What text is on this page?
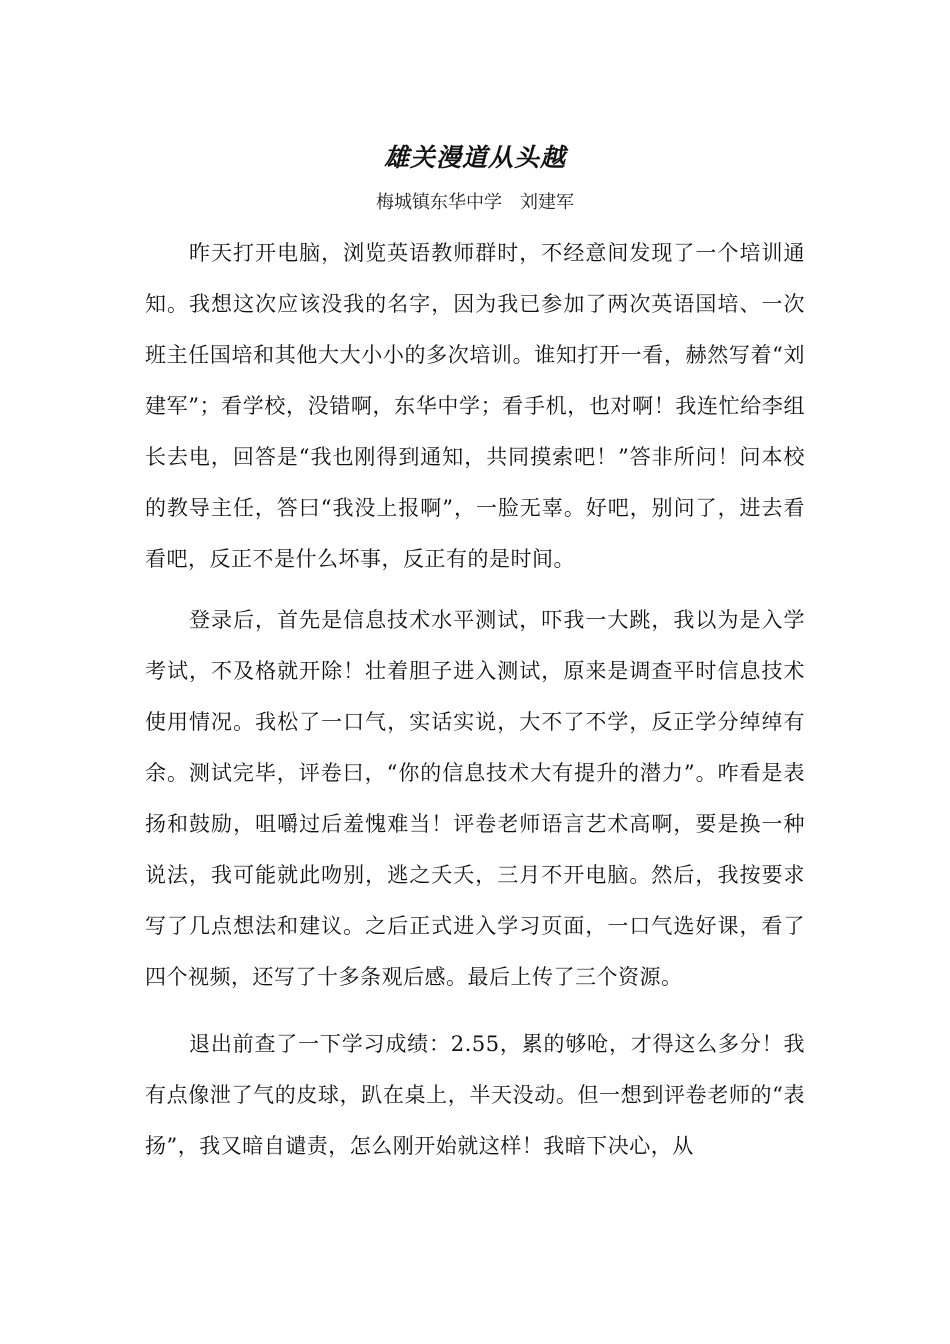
雄关漫道从头越

梅城镇东华中学　刘建军

昨天打开电脑，浏览英语教师群时，不经意间发现了一个培训通知。我想这次应该没我的名字，因为我已参加了两次英语国培、一次班主任国培和其他大大小小的多次培训。谁知打开一看，赫然写着“刘建军”；看学校，没错啊，东华中学；看手机，也对啊！我连忙给李组长去电，回答是“我也刚得到通知，共同摸索吧！”答非所问！问本校的教导主任，答曰“我没上报啊”，一脸无辜。好吧，别问了，进去看看吧，反正不是什么坏事，反正有的是时间。

登录后，首先是信息技术水平测试，吓我一大跳，我以为是入学考试，不及格就开除！壮着胆子进入测试，原来是调查平时信息技术使用情况。我松了一口气，实话实说，大不了不学，反正学分绰绰有余。测试完毕，评卷曰，“你的信息技术大有提升的潜力”。咋看是表扬和鼓励，咀嚼过后羞愧难当！评卷老师语言艺术高啊，要是换一种说法，我可能就此吻别，逃之夭夭，三月不开电脑。然后，我按要求写了几点想法和建议。之后正式进入学习页面，一口气选好课，看了四个视频，还写了十多条观后感。最后上传了三个资源。

退出前查了一下学习成绩：2.55，累的够呛，才得这么多分！我有点像泄了气的皮球，趴在桌上，半天没动。但一想到评卷老师的“表扬”，我又暗自谴责，怎么刚开始就这样！我暗下决心，从
